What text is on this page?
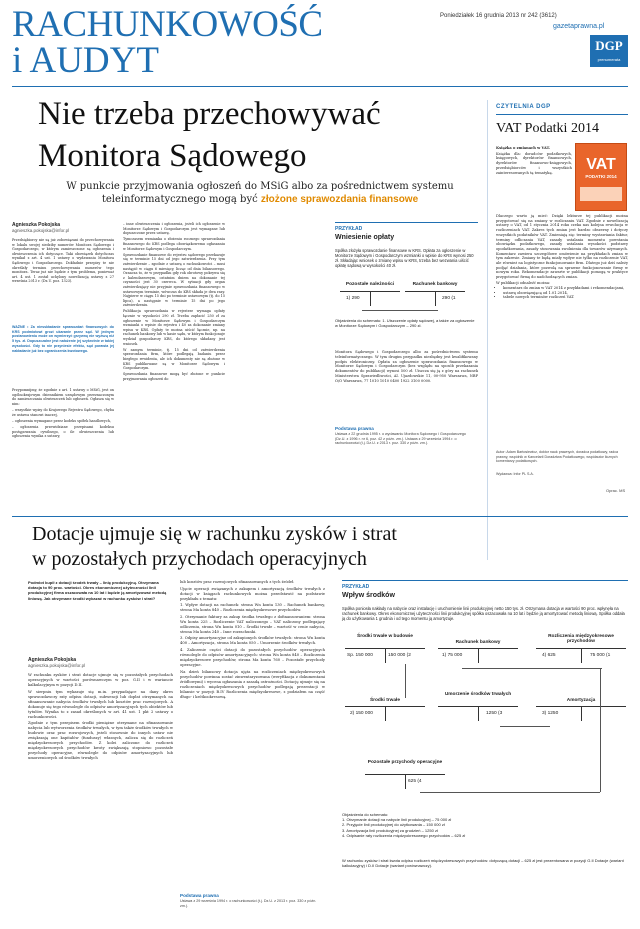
RACHUNKOWOŚĆ
i AUDYT
Poniedziałek 16 grudnia 2013 nr 242 (3612)
gazetaprawna.pl
DGP
prenumerata
Nie trzeba przechowywać
Monitora Sądowego
W punkcie przyjmowania ogłoszeń do MSiG albo za pośrednictwem systemu teleinformatycznego mogą być złożone sprawozdania finansowe
Agnieszka Pokojska
agnieszka.pokojska@infor.pl

Przedsiębiorcy nie są już zobowiązani do przechowywania w lokalu swojej siedziby numerów Monitora Sądowego i Gospodarczego, w którym zamieszczone są ogłoszenia i obwieszczenia ich dotyczące. Taki obowiązek dotychczas wynikał z art. 4 ust. 1 ustawy o wydawaniu Monitora Sądowego i Gospodarczego. Dokładnie przepisy te nie określały terminu przechowywania numerów tego monitora. Teraz już nie będzie z tym problemu, ponieważ art. 4 ust. 1 został uchylony nowelizacją ustawy z 27 września 2013 r. (Dz.U. poz. 1323).

WAŻNE • Za niesskładanie sprawozdań finansowych do KRS podmiotowi grozi ukaranie przez sąd. W jednym postanowieniu może on wymierzyć grzywnę nie wyższą niż 5 tys. zł. Dopuszczalne jest nałożenie jej szykrotnie w takiej wysokości. Gdy to nie przyniesie efektu, sąd porawia jej nakładanie już bez ograniczenia kwotowego.

Przypomnijmy, że zgodnie z art. 1 ustawy o MSiG, jest on ogólnokrajowym dziennikiem urzędowym przeznaczonym do zamieszczania obwieszczeń lub ogłoszeń. Ogłasza się w nim:

– wszystkie wpisy do Krajowego Rejestru Sądowego, chyba że ustawa stanowi inaczej,

– ogłoszenia wymagane przez kodeks spółek handlowych,

– ogłoszenia przewidziane przepisami kodeksu postępowania cywilnego, o ile obwieszczenia lub ogłoszenia wynika z ustawy,

– inne obwieszczenia i ogłoszenia, jeżeli ich ogłoszenie w Monitorze Sądowym i Gospodarczym jest wymagane lub dopuszczone przez ustawę.

Tymczasem wzmianka o złożeniu rocznego sprawozdania finansowego do KRS podlega obowiązkowemu ogłaszaniu w Monitorze Sądowym i Gospodarczym.

Sprawozdanie finansowe do rejestru sądowego przekazuje się w terminie 15 dni od jego zatwierdzenia. Przy tym zatwierdzenie – zgodnie z ustawą o rachunkowości – musi nastąpić w ciągu 6 miesięcy, licząc od dnia bilansowego. Oznacza to, że w przypadku gdy rok obrotowy pokrywa się z kalendarzowym, ostatnim dniem na dokonanie tej czynności jest 30 czerwca. W sytuacji gdy organ zatwierdzający nie przyjmie sprawozdania finansowego w ustawowym terminie, wówczas do KRS składa je dwa razy. Najpierw w ciągu 15 dni po terminie ustawowym (tj. do 15 lipca), a następnie w terminie 15 dni po jego zatwierdzeniu.

Publikacja sprawozdania w rejestrze wymaga opłaty łącznie w wysokości 290 zł. Trzeba zapłacić 250 zł za ogłoszenie w Monitorze Sądowym i Gospodarczym wzmianki o wpisie do rejestru i 40 za dokonanie zmiany wpisu w KRS. Opłaty te można uiścić łącznie, np. na rachunek bankowy lub w kasie sądu, w którym funkcjonuje wydział gospodarczy KRS, do którego składany jest wniosek.

W samym terminie, tj. 15 dni od zatwierdzenia sprawozdania firm, które podlegają badaniu przez biegłego rewidenta, ale ich dokumenty nie są złożone w KRS publikowane są w Monitorze Sądowym i Gospodarczym.

Sprawozdania finansowe mogą być złożone w punkcie przyjmowania ogłoszeń do

PRZYKŁAD
Wniesienie opłaty
Spółka złożyła sprawozdanie finansowe w KRS. Opłata za ogłoszenie w Monitorze Sądowym i Gospodarczym wzmianki o wpisie do KRS wynosi 250 zł. Składając wniosek o zmianę wpisu w KRS, trzeba bez wezwania uiścić opłatę sądową w wysokości 40 zł.
Pozostałe należności	Rachunek bankowy
1) 290	290 (1
Objaśnienia do schematu: 1. Uiszczenie opłaty sądowej, a także za ogłoszenie w Monitorze Sądowym i Gospodarczym – 290 zł.

Monitora Sądowego i Gospodarczego albo za pośrednictwem systemu teleinformatycznego. W tym drugim przypadku niezbędny jest kwalifikowany podpis elektroniczny. Opłata za ogłoszenie sprawozdania finansowego w Monitorze Sądowym i Gospodarczym (bez względu na sposób przekazania dokumentów do publikacji) wynosi 500 zł. Uiszcza się ją z góry na rachunek Ministerstwa Sprawiedliwości, Al. Ujazdowskie 11, 00-950 Warszawa, NBP O/O Warszawa, 77 1010 1010 0400 1922 3100 0000.

Podstawa prawna
Ustawa z 22 grudnia 1995 r. o wydawaniu Monitora Sądowego i Gospodarczego (Dz.U. z 1996 r. nr 6, poz. 42 z późn. zm.). Ustawa z 29 września 1994 r. o rachunkowości (t.j. Dz.U. z 2013 r. poz. 330 z późn. zm.).
CZYTELNIA DGP
VAT Podatki 2014
VAT
PODATKI 2014

Książka o zmianach w VAT.

Książka dla: doradców podatkowych, księgowych, dyrektorów finansowych, dyrektorów finansowo-księgowych, przedsiębiorców i wszystkich zainteresowanych tą tematyką.

Dlaczego warto ją mieć: Dzięki lekturze tej publikacji można przygotować się na zmiany w rozliczaniu VAT. Zgodnie z nowelizacją ustawy o VAT, od 1 stycznia 2014 roku czeka nas kolejna rewolucja w rozliczeniach VAT. Zakres tych zmian jest bardzo obszerny i dotyczy wszystkich podatników VAT. Zmieniają się: terminy wystawiania faktur, terminy odliczania VAT, zasady ustalania momentu powstania obowiązku podatkowego, zasady ustalania wysokości podstawy opodatkowania, zasady stosowania zwolnienia dla towarów używanych. Komentarz zawiera szczegółowe omówienie na przykładach zmian w tym zakresie. Zmiany te będą miały wpływ nie tylko na rozliczenie VAT, ale również na logistyczne funkcjonowanie firm. Dlatego już dziś należy podjąć działania, które pozwolą na sprawne funkcjonowanie firmy w nowym roku. Rekomendacje zawarte w publikacji pomogą w praktyce przygotować firmę do nadchodzących zmian.

W publikacji odnaleźć można:

• komentarz do zmian w VAT 2014 z przykładami i rekomendacjami,
• ustawę obowiązującą od 1.01.2014,
• tabele nowych terminów rozliczeń VAT.
Autor: Adam Bartosiewicz, doktor nauk prawnych, doradca podatkowy, radca prawny, wspólnik w Kancelarii Doradztwa Podatkowego, współautor licznych komentarzy podatkowych.
Wydawca: Infor PL S.A.
Oprac. MS
Dotacje ujmuje się w rachunku zysków i strat
w pozostałych przychodach operacyjnych
Podmiot kupił z dotacji środek trwały – linię produkcyjną. Otrzymana dotacja to 90 proc. wartości. Okres ekonomicznej użyteczności linii produkcyjnej firma oszacowała na 10 lat i będzie ją amortyzować metodą liniową. Jak otrzymane środki wykazać w rachunku zysków i strat?
Agnieszka Pokojska
agnieszka.pokojska@infor.pl

W rachunku zysków i strat dotacje ujmuje się w pozostałych przychodach operacyjnych w wartości porównawczym w poz. G.II i w wariancie kalkulacyjnym w pozycji D.II.

W sierpniu tym wykazuje się m.in. przypadające na dany okres sprawozdawczy raty odpisu dotacji, subwencji lub dopłat otrzymanych na sfinansowanie nabycia środków trwałych lub kosztów prac rozwojowych. A dokonuje się tego równolegle do odpisów amortyzacyjnych tych obiektów lub tytułów. Wynika to z zasad określonych w art. 41 ust. 1 pkt 2 ustawy o rachunkowości.

Zgodnie z tym przepisem środki pieniężne otrzymane na sfinansowanie nabycia lub wytworzenia środków trwałych, w tym także środków trwałych w budowie oraz prac rozwojowych, jeżeli stosownie do innych ustaw nie zwiększają one kapitałów (funduszy) własnych, zalicza się do rozliczeń międzyokresowych przychodów. Z kolei zaliczone do rozliczeń międzyokresowych przychodów kwoty zwiększają stopniowo pozostałe przychody operacyjne, równolegle do odpisów amortyzacyjnych lub umorzeniowych od środków trwałych

lub kosztów prac rozwojowych sfinansowanych z tych źródeł.

Ujęcie operacji związanych z zakupem i amortyzacją środków trwałych z dotacji w księgach rachunkowych można przedstawić na podstawie przykładu z tematu:

1. Wpływ dotacji na rachunek: strona Wn konta 130 – Rachunek bankowy, strona Ma konta 840 – Rozliczenia międzyokresowe przychodów.

2. Otrzymanie faktury za zakup środka trwałego z dofinansowaniem: strona Wn konta 225 – Rozliczenie VAT naliczonego – VAT naliczony podlegający odliczeniu, strona Wn konta 010 – Środki trwałe – wartość w cenie nabycia, strona Ma konta 240 – Inne rozrachunki.

3. Odpisy amortyzacyjne od zakupionych środków trwałych: strona Wn konta 400 – Amortyzacja, strona Ma konta 050 – Umorzenie środków trwałych.

4. Zaliczenie części dotacji do pozostałych przychodów operacyjnych równolegle do odpisów amortyzacyjnych: strona Wn konta 840 – Rozliczenia międzyokresowe przychodów, strona Ma konta 760 – Pozostałe przychody operacyjne.

Na dzień bilansowy dotacja ujęta na rozliczeniach międzyokresowych przychodów powinna zostać zinwentaryzowana (weryfikacja z dokumentami źródłowymi) i wycena ogłaszania z zasadą ostrożności. Dotację ujmuje się na rozliczeniach międzyokresowych przychodów podlegają prezentacji w bilansie w pozycji B.IV Rozliczenia międzyokresowe, z podziałem na część długo- i krótkookresową.

Podstawa prawna
Ustawa z 29 września 1994 r. o rachunkowości (t.j. Dz.U. z 2013 r. poz. 330 z późn. zm.).
PRZYKŁAD
Wpływ środków
Spółka poniosła nakłady na nabycie oraz instalację i uruchomienie linii produkcyjnej netto 150 tys. zł. Otrzymana dotacja w wartości 90 proc. wpłynęła na rachunek bankowy. Okres ekonomicznej użyteczności linii produkcyjnej spółka oszacowała na 10 lat i będzie ją amortyzować metodą liniową. Spółka oddała ją do użytkowania 1 grudnia i od tego momentu ją amortyzuje.
Środki trwałe w budowie
Rachunek bankowy
Rozliczenia międzyokresowe przychodów
Sp. 150 000	150 000 (2	1) 75 000	4) 625	75 000 (1
Środki trwałe
Umorzenie środków trwałych
Amortyzacja
2) 150 000	1250 (3	3) 1250
Pozostałe przychody operacyjne
625 (4
Objaśnienia do schematu:
1. Otrzymanie dotacji na nabycie linii produkcyjnej – 75 000 zł
2. Przyjęcie linii produkcyjnej do użytkowania – 150 000 zł
3. Amortyzacja linii produkcyjnej za grudzień – 1250 zł
4. Odpisanie raty rozliczenia międzyokresowego przychodów – 625 zł
W rachunku zysków i strat kwota odpisu rozliczeń międzyokresowych przychodów: dotyczącą dotacji – 625 zł jest prezentowana w pozycji G.II Dotacje (wariant kalkulacyjny) i D.II Dotacje (wariant porównawczy).
